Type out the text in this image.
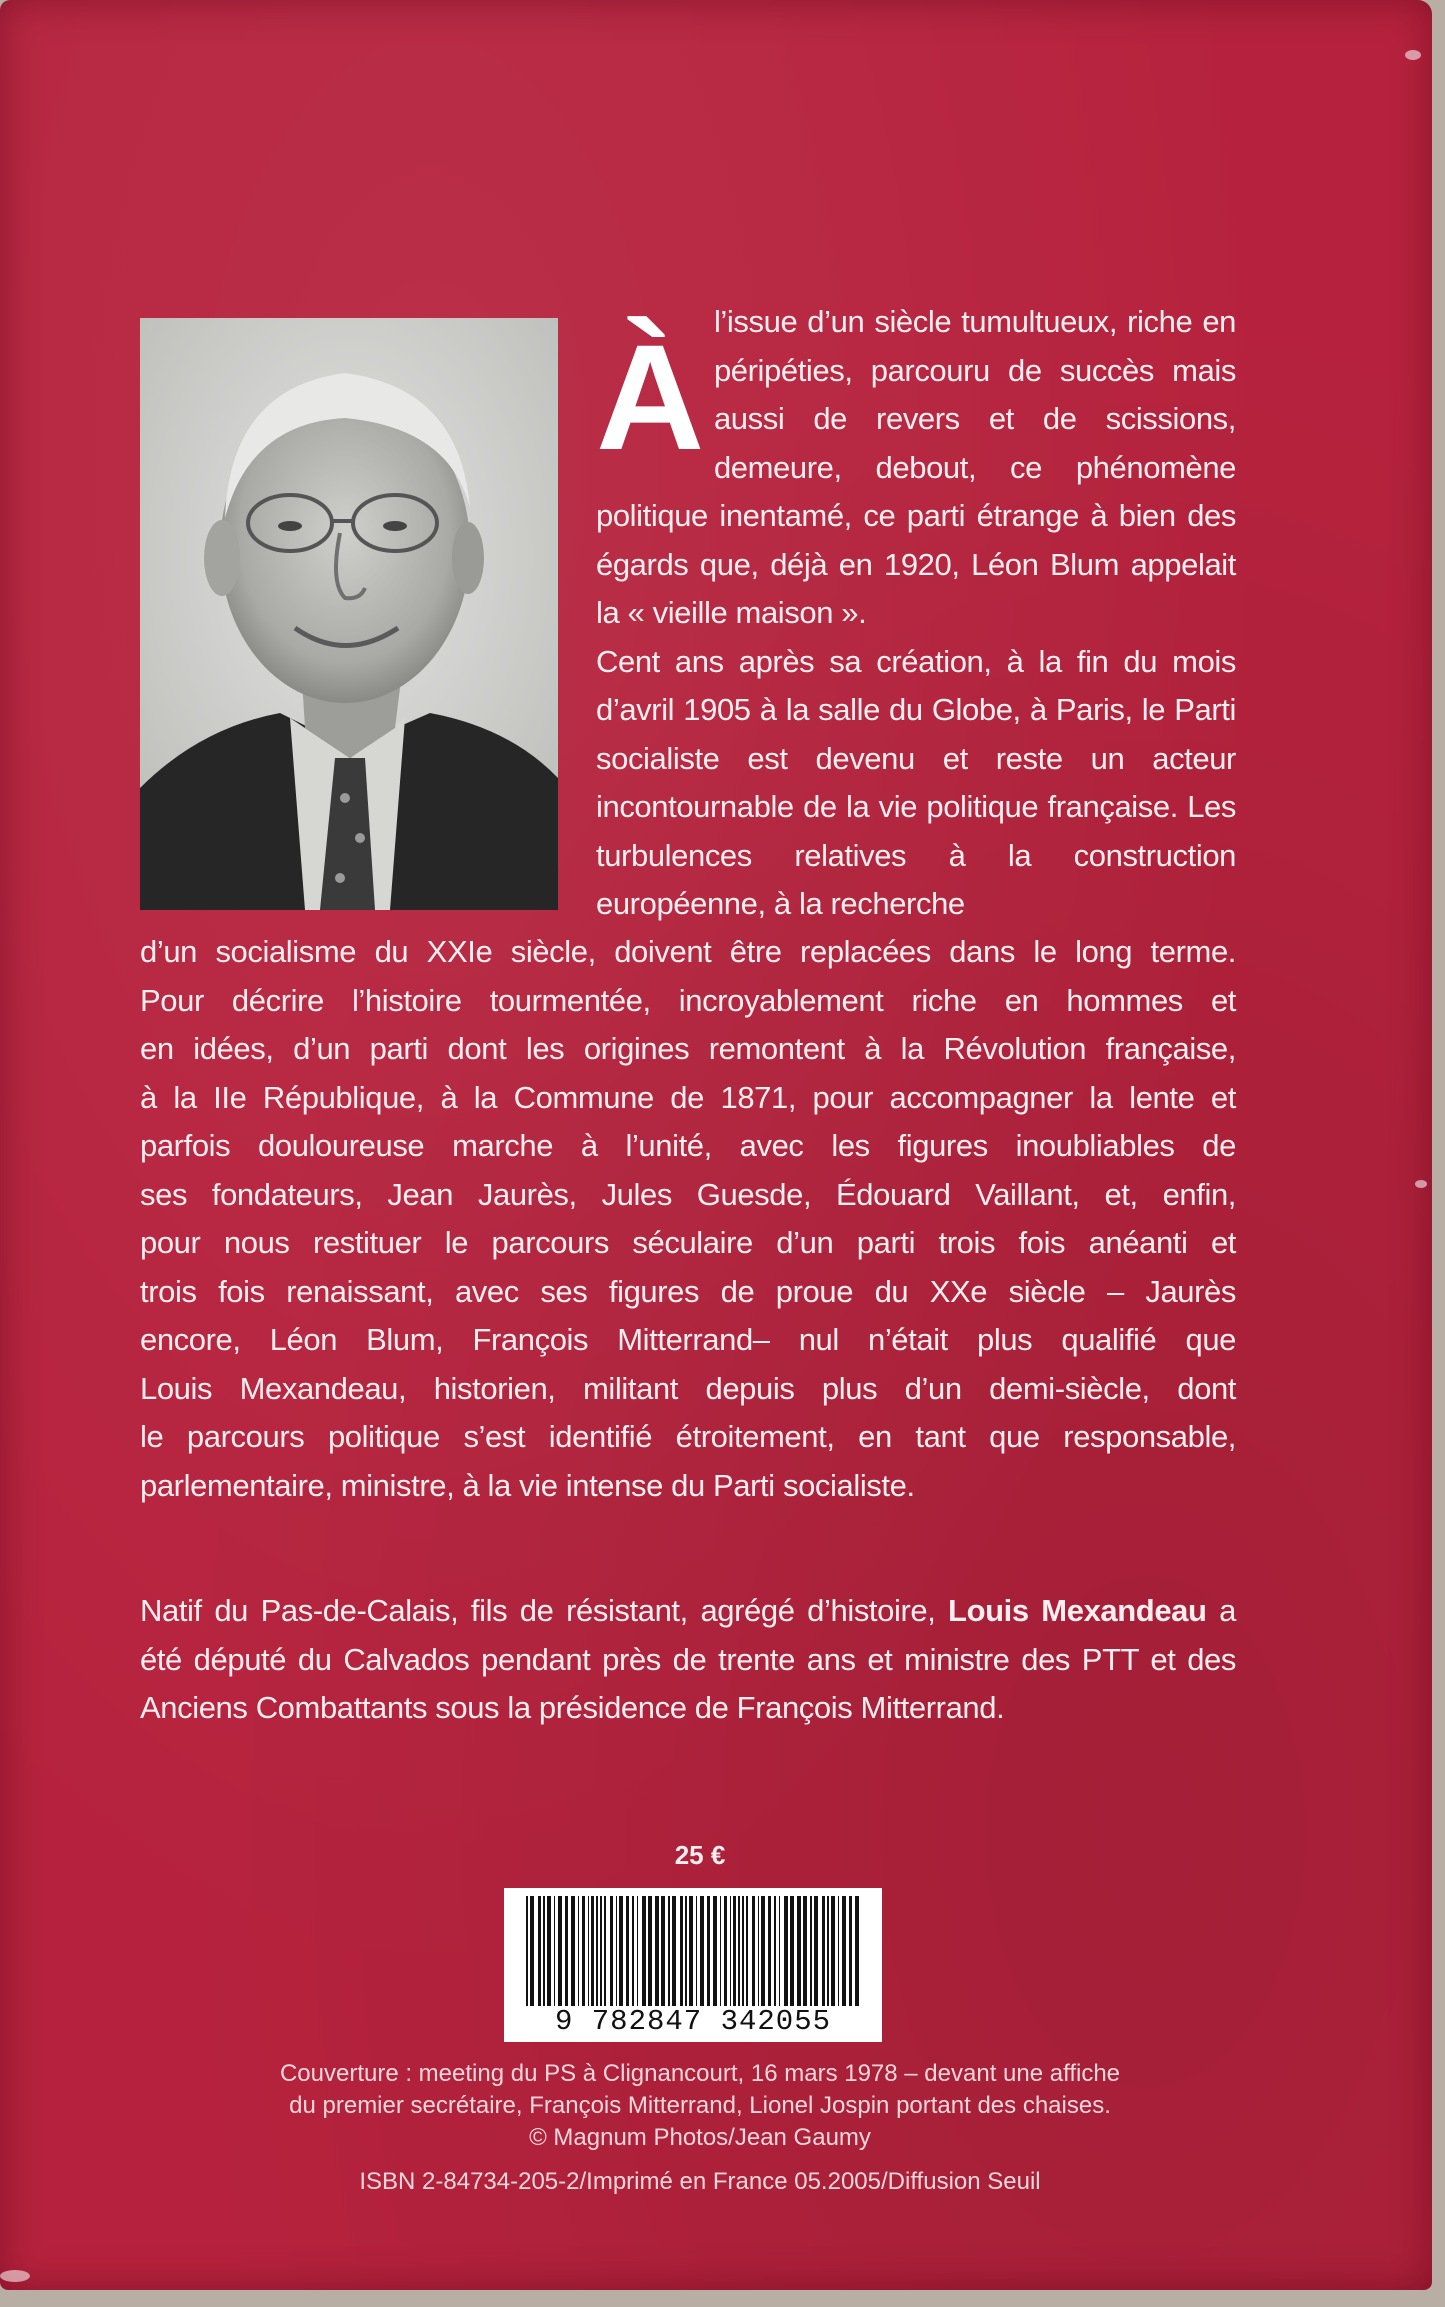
À l’issue d’un siècle tumultueux, riche en péripéties, parcouru de succès mais aussi de revers et de scissions, demeure, debout, ce phénomène politique inentamé, ce parti étrange à bien des égards que, déjà en 1920, Léon Blum appelait la « vieille maison ».

Cent ans après sa création, à la fin du mois d’avril 1905 à la salle du Globe, à Paris, le Parti socialiste est devenu et reste un acteur incontournable de la vie politique française. Les turbulences relatives à la construction européenne, à la recherche

d’un socialisme du XXIe siècle, doivent être replacées dans le long terme.
Pour décrire l’histoire tourmentée, incroyablement riche en hommes et
en idées, d’un parti dont les origines remontent à la Révolution française,
à la IIe République, à la Commune de 1871, pour accompagner la lente et
parfois douloureuse marche à l’unité, avec les figures inoubliables de
ses fondateurs, Jean Jaurès, Jules Guesde, Édouard Vaillant, et, enfin,
pour nous restituer le parcours séculaire d’un parti trois fois anéanti et
trois fois renaissant, avec ses figures de proue du XXe siècle – Jaurès
encore, Léon Blum, François Mitterrand– nul n’était plus qualifié que
Louis Mexandeau, historien, militant depuis plus d’un demi-siècle, dont
le parcours politique s’est identifié étroitement, en tant que responsable,
parlementaire, ministre, à la vie intense du Parti socialiste.

Natif du Pas-de-Calais, fils de résistant, agrégé d’histoire, Louis Mexandeau a été député du Calvados pendant près de trente ans et ministre des PTT et des Anciens Combattants sous la présidence de François Mitterrand.

25 €
9 782847 342055
Couverture : meeting du PS à Clignancourt, 16 mars 1978 – devant une affiche
du premier secrétaire, François Mitterrand, Lionel Jospin portant des chaises.
© Magnum Photos/Jean Gaumy
ISBN 2-84734-205-2/Imprimé en France 05.2005/Diffusion Seuil
